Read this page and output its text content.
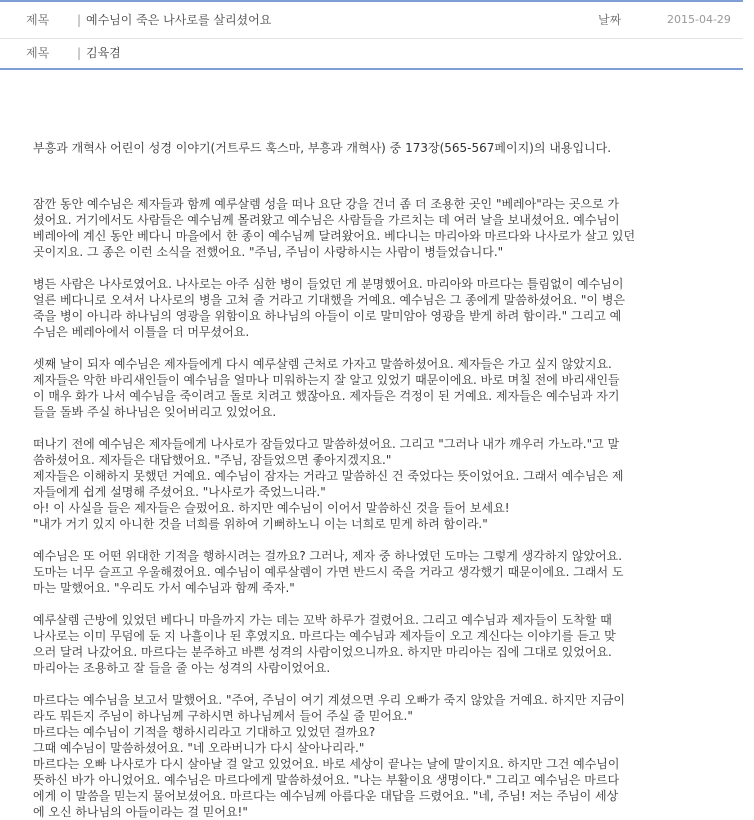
제목 | 예수님이 죽은 나사로를 살리셨어요	날짜	2015-04-29
제목 | 김육겸

부흥과 개혁사 어린이 성경 이야기(거트루드 훅스마, 부흥과 개혁사) 중 173장(565-567페이지)의 내용입니다.

잠깐 동안 예수님은 제자들과 함께 예루살렘 성을 떠나 요단 강을 건너 좀 더 조용한 곳인 "베레아"라는 곳으로 가

셨어요. 거기에서도 사람들은 예수님께 몰려왔고 예수님은 사람들을 가르치는 데 여러 날을 보내셨어요. 예수님이

베레아에 계신 동안 베다니 마을에서 한 종이 예수님께 달려왔어요. 베다니는 마리아와 마르다와 나사로가 살고 있던

곳이지요. 그 종은 이런 소식을 전했어요. "주님, 주님이 사랑하시는 사람이 병들었습니다."

병든 사람은 나사로였어요. 나사로는 아주 심한 병이 들었던 게 분명했어요. 마리아와 마르다는 틀림없이 예수님이

얼른 베다니로 오셔서 나사로의 병을 고쳐 줄 거라고 기대했을 거예요. 예수님은 그 종에게 말씀하셨어요. "이 병은

죽을 병이 아니라 하나님의 영광을 위함이요 하나님의 아들이 이로 말미암아 영광을 받게 하려 함이라." 그리고 예

수님은 베레아에서 이틀을 더 머무셨어요.

셋째 날이 되자 예수님은 제자들에게 다시 예루살렘 근처로 가자고 말씀하셨어요. 제자들은 가고 싶지 않았지요.

제자들은 악한 바리새인들이 예수님을 얼마나 미워하는지 잘 알고 있었기 때문이에요. 바로 며칠 전에 바리새인들

이 매우 화가 나서 예수님을 죽이려고 돌로 치려고 했잖아요. 제자들은 걱정이 된 거예요. 제자들은 예수님과 자기

들을 돌봐 주실 하나님은 잊어버리고 있었어요.

떠나기 전에 예수님은 제자들에게 나사로가 잠들었다고 말씀하셨어요. 그리고 "그러나 내가 깨우러 가노라."고 말

씀하셨어요. 제자들은 대답했어요. "주님, 잠들었으면 좋아지겠지요."

제자들은 이해하지 못했던 거예요. 예수님이 잠자는 거라고 말씀하신 건 죽었다는 뜻이었어요. 그래서 예수님은 제

자들에게 쉽게 설명해 주셨어요. "나사로가 죽었느니라."

아! 이 사실을 들은 제자들은 슬펐어요. 하지만 예수님이 이어서 말씀하신 것을 들어 보세요!

"내가 거기 있지 아니한 것을 너희를 위하여 기뻐하노니 이는 너희로 믿게 하려 함이라."

예수님은 또 어떤 위대한 기적을 행하시려는 걸까요? 그러나, 제자 중 하나였던 도마는 그렇게 생각하지 않았어요.

도마는 너무 슬프고 우울해졌어요. 예수님이 예루살렘이 가면 반드시 죽을 거라고 생각했기 때문이에요. 그래서 도

마는 말했어요. "우리도 가서 예수님과 함께 죽자."

예루살렘 근방에 있었던 베다니 마을까지 가는 데는 꼬박 하루가 걸렸어요. 그리고 예수님과 제자들이 도착할 때

나사로는 이미 무덤에 둔 지 나흘이나 된 후였지요. 마르다는 예수님과 제자들이 오고 계신다는 이야기를 듣고 맞

으러 달려 나갔어요. 마르다는 분주하고 바쁜 성격의 사람이었으니까요. 하지만 마리아는 집에 그대로 있었어요.

마리아는 조용하고 잘 들을 줄 아는 성격의 사람이었어요.

마르다는 예수님을 보고서 말했어요. "주여, 주님이 여기 계셨으면 우리 오빠가 죽지 않았을 거예요. 하지만 지금이

라도 뭐든지 주님이 하나님께 구하시면 하나님께서 들어 주실 줄 믿어요."

마르다는 예수님이 기적을 행하시리라고 기대하고 있었던 걸까요?

그때 예수님이 말씀하셨어요. "네 오라버니가 다시 살아나리라."

마르다는 오빠 나사로가 다시 살아날 걸 알고 있었어요. 바로 세상이 끝나는 날에 말이지요. 하지만 그건 예수님이

뜻하신 바가 아니었어요. 예수님은 마르다에게 말씀하셨어요. "나는 부활이요 생명이다." 그리고 예수님은 마르다

에게 이 말씀을 믿는지 물어보셨어요. 마르다는 예수님께 아름다운 대답을 드렸어요. "네, 주님! 저는 주님이 세상

에 오신 하나님의 아들이라는 걸 믿어요!"
